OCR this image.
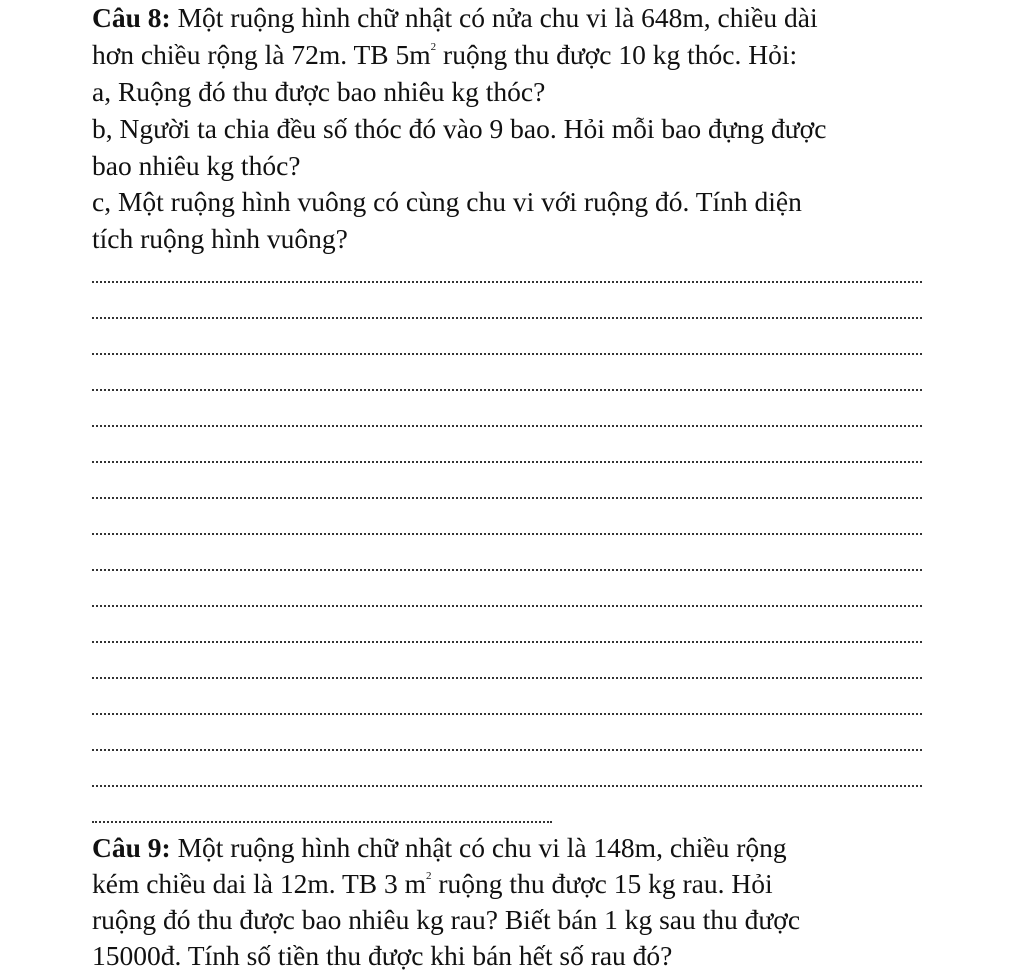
Câu 8: Một ruộng hình chữ nhật có nửa chu vi là 648m, chiều dài
hơn chiều rộng là 72m. TB $5m^2$ ruộng thu được 10 kg thóc. Hỏi:
a, Ruộng đó thu được bao nhiêu kg thóc?
b, Người ta chia đều số thóc đó vào 9 bao. Hỏi mỗi bao đựng được
bao nhiêu kg thóc?
c, Một ruộng hình vuông có cùng chu vi với ruộng đó. Tính diện
tích ruộng hình vuông?
Câu 9: Một ruộng hình chữ nhật có chu vi là 148m, chiều rộng
kém chiều dai là 12m. TB 3 $m^2$ ruộng thu được 15 kg rau. Hỏi
ruộng đó thu được bao nhiêu kg rau? Biết bán 1 kg sau thu được
15000đ. Tính số tiền thu được khi bán hết số rau đó?
